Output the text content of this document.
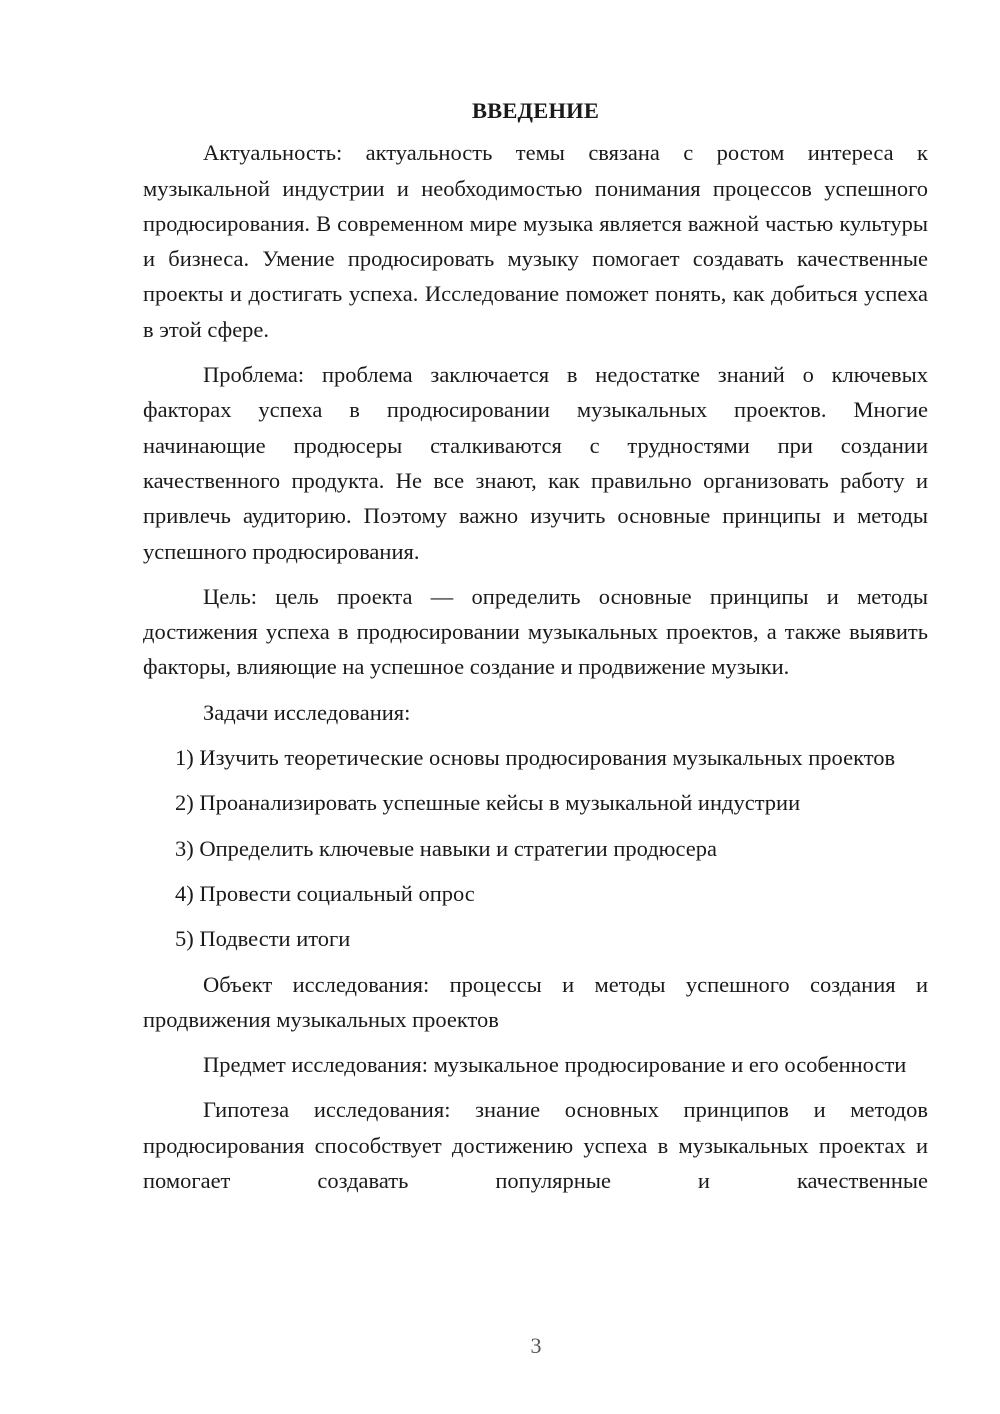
ВВЕДЕНИЕ

Актуальность: актуальность темы связана с ростом интереса к музыкальной индустрии и необходимостью понимания процессов успешного продюсирования. В современном мире музыка является важной частью культуры и бизнеса. Умение продюсировать музыку помогает создавать качественные проекты и достигать успеха. Исследование поможет понять, как добиться успеха в этой сфере.

Проблема: проблема заключается в недостатке знаний о ключевых факторах успеха в продюсировании музыкальных проектов. Многие начинающие продюсеры сталкиваются с трудностями при создании качественного продукта. Не все знают, как правильно организовать работу и привлечь аудиторию. Поэтому важно изучить основные принципы и методы успешного продюсирования.

Цель: цель проекта — определить основные принципы и методы достижения успеха в продюсировании музыкальных проектов, а также выявить факторы, влияющие на успешное создание и продвижение музыки.

Задачи исследования:

1) Изучить теоретические основы продюсирования музыкальных проектов

2) Проанализировать успешные кейсы в музыкальной индустрии

3) Определить ключевые навыки и стратегии продюсера

4) Провести социальный опрос

5) Подвести итоги

Объект исследования: процессы и методы успешного создания и продвижения музыкальных проектов

Предмет исследования: музыкальное продюсирование и его особенности

Гипотеза исследования: знание основных принципов и методов продюсирования способствует достижению успеха в музыкальных проектах и помогает создавать популярные и качественные

3
